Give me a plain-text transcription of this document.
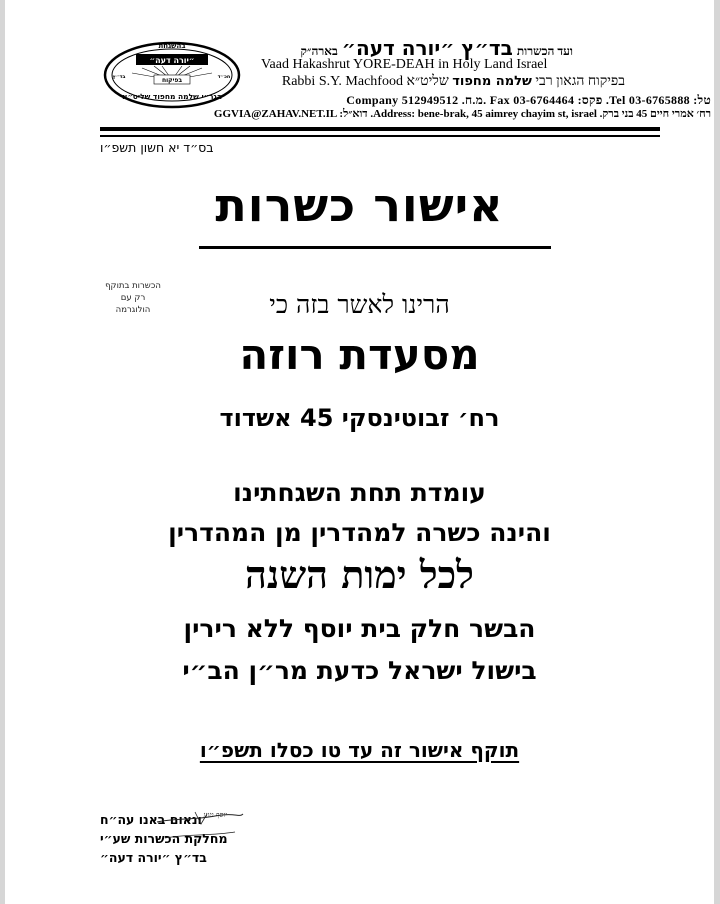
בהשגחת
״יורה דעה״
בפיקוח
בד״ץ	חכ״ד
הגר״י שלמה מחפוד שליט״א
ועד הכשרות בד״ץ ״יורה דעה״ בארה״ק
Vaad Hakashrut YORE-DEAH in Holy Land Israel
בפיקוח הגאון רבי שלמה מחפוד שליט״א Rabbi S.Y. Machfood
Company 512949512 .מ.ח. Fax 03-6764464 :פקס .Tel 03-6765888 :טל
GGVIA@ZAHAV.NET.IL :דוא״ל .Address: bene-brak, 45 aimrey chayim st, israel .רח׳ אמרי חיים 45 בני ברק
בס״ד יא חשון תשפ״ו
אישור כשרות
הכשרות בתוקף
רק עם
הולוגרמה	הרינו לאשר בזה כי
מסעדת רוזה
רח׳ זבוטינסקי 45 אשדוד
עומדת תחת השגחתינו
והינה כשרה למהדרין מן המהדרין
לכל ימות השנה
הבשר חלק בית יוסף ללא רירין
בישול ישראל כדעת מר״ן הב״י
תוקף אישור זה עד טו כסלו תשפ״ו
ונאום באנו עה״ח
מחלקת הכשרות שע״י
בד״ץ ״יורה דעה״
יוסף טוגן
